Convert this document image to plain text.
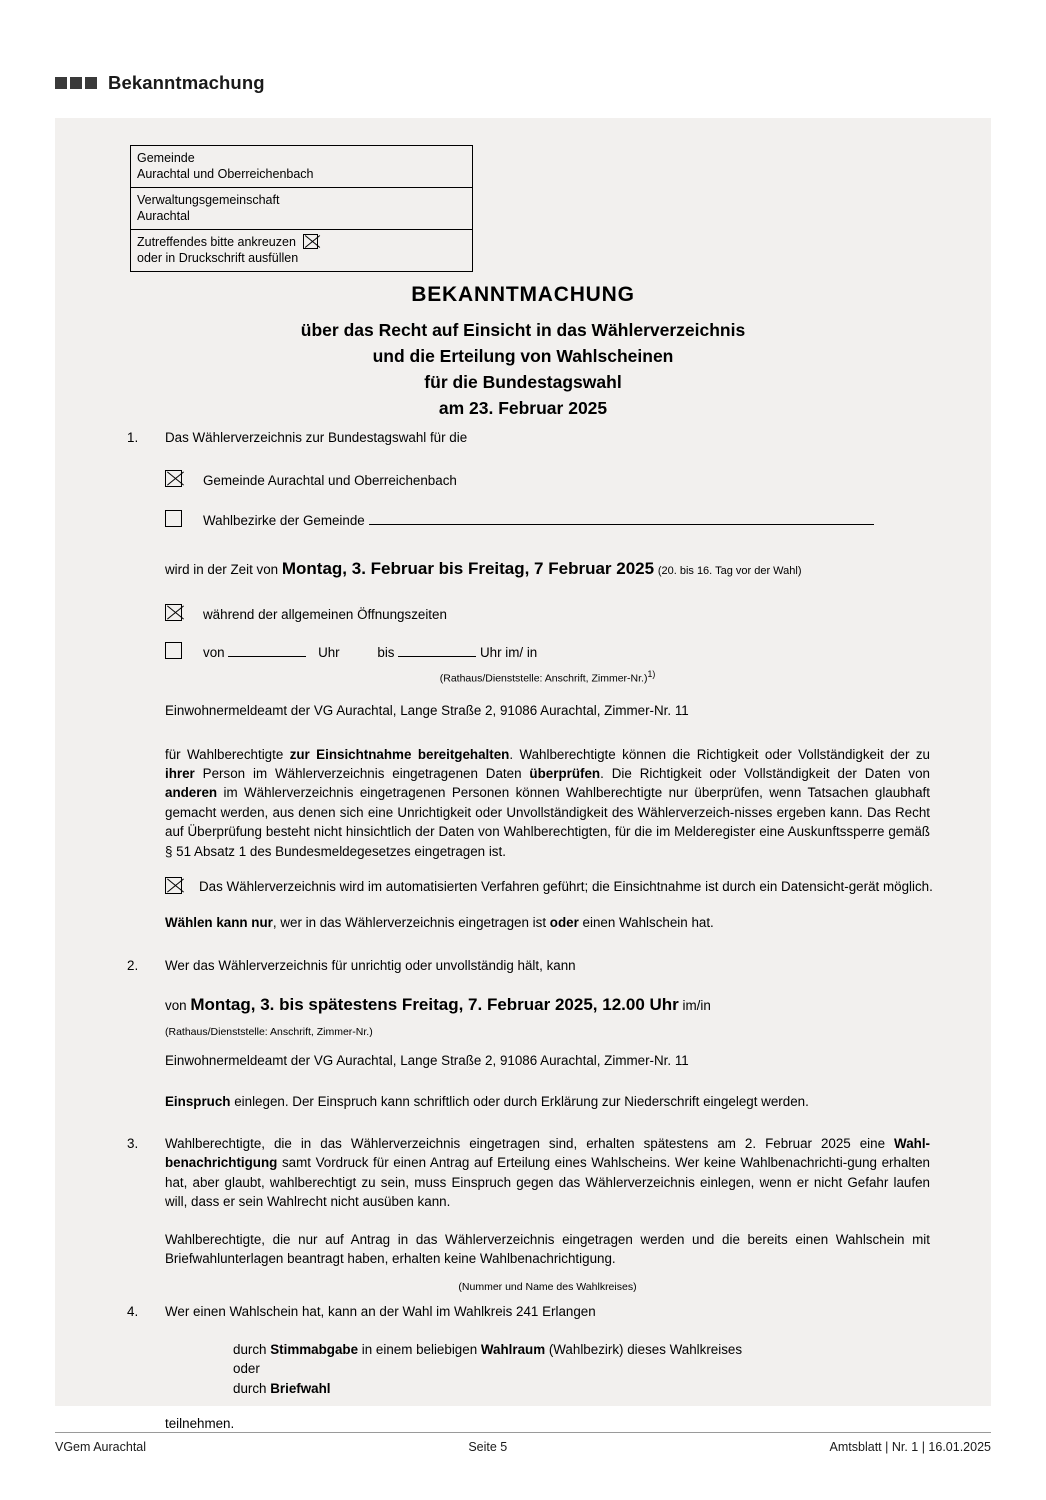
Bekanntmachung
Gemeinde
Aurachtal und Oberreichenbach
Verwaltungsgemeinschaft
Aurachtal
Zutreffendes bitte ankreuzen
oder in Druckschrift ausfüllen
BEKANNTMACHUNG
über das Recht auf Einsicht in das Wählerverzeichnis
und die Erteilung von Wahlscheinen
für die Bundestagswahl
am 23. Februar 2025
1. Das Wählerverzeichnis zur Bundestagswahl für die
Gemeinde Aurachtal und Oberreichenbach
Wahlbezirke der Gemeinde
wird in der Zeit von Montag, 3. Februar bis Freitag, 7 Februar 2025 (20. bis 16. Tag vor der Wahl)
während der allgemeinen Öffnungszeiten
von	Uhr	bis	Uhr im/ in
(Rathaus/Dienststelle: Anschrift, Zimmer-Nr.)$^{1)}$
Einwohnermeldeamt der VG Aurachtal, Lange Straße 2, 91086 Aurachtal, Zimmer-Nr. 11
für Wahlberechtigte zur Einsichtnahme bereitgehalten. Wahlberechtigte können die Richtigkeit oder Vollständigkeit der zu ihrer Person im Wählerverzeichnis eingetragenen Daten überprüfen. Die Richtigkeit oder Vollständigkeit der Daten von anderen im Wählerverzeichnis eingetragenen Personen können Wahlberechtigte nur überprüfen, wenn Tatsachen glaubhaft gemacht werden, aus denen sich eine Unrichtigkeit oder Unvollständigkeit des Wählerverzeich-nisses ergeben kann. Das Recht auf Überprüfung besteht nicht hinsichtlich der Daten von Wahlberechtigten, für die im Melderegister eine Auskunftssperre gemäß § 51 Absatz 1 des Bundesmeldegesetzes eingetragen ist.
Das Wählerverzeichnis wird im automatisierten Verfahren geführt; die Einsichtnahme ist durch ein Datensicht-gerät möglich.
Wählen kann nur, wer in das Wählerverzeichnis eingetragen ist oder einen Wahlschein hat.
2. Wer das Wählerverzeichnis für unrichtig oder unvollständig hält, kann
von Montag, 3. bis spätestens Freitag, 7. Februar 2025, 12.00 Uhr im/in
(Rathaus/Dienststelle: Anschrift, Zimmer-Nr.)
Einwohnermeldeamt der VG Aurachtal, Lange Straße 2, 91086 Aurachtal, Zimmer-Nr. 11
Einspruch einlegen. Der Einspruch kann schriftlich oder durch Erklärung zur Niederschrift eingelegt werden.
3. Wahlberechtigte, die in das Wählerverzeichnis eingetragen sind, erhalten spätestens am 2. Februar 2025 eine Wahl-benachrichtigung samt Vordruck für einen Antrag auf Erteilung eines Wahlscheins. Wer keine Wahlbenachrichti-gung erhalten hat, aber glaubt, wahlberechtigt zu sein, muss Einspruch gegen das Wählerverzeichnis einlegen, wenn er nicht Gefahr laufen will, dass er sein Wahlrecht nicht ausüben kann.
Wahlberechtigte, die nur auf Antrag in das Wählerverzeichnis eingetragen werden und die bereits einen Wahlschein mit Briefwahlunterlagen beantragt haben, erhalten keine Wahlbenachrichtigung.
(Nummer und Name des Wahlkreises)
4. Wer einen Wahlschein hat, kann an der Wahl im Wahlkreis 241 Erlangen
durch Stimmabgabe in einem beliebigen Wahlraum (Wahlbezirk) dieses Wahlkreises
oder
durch Briefwahl
teilnehmen.
VGem Aurachtal	Seite 5	Amtsblatt | Nr. 1 | 16.01.2025
